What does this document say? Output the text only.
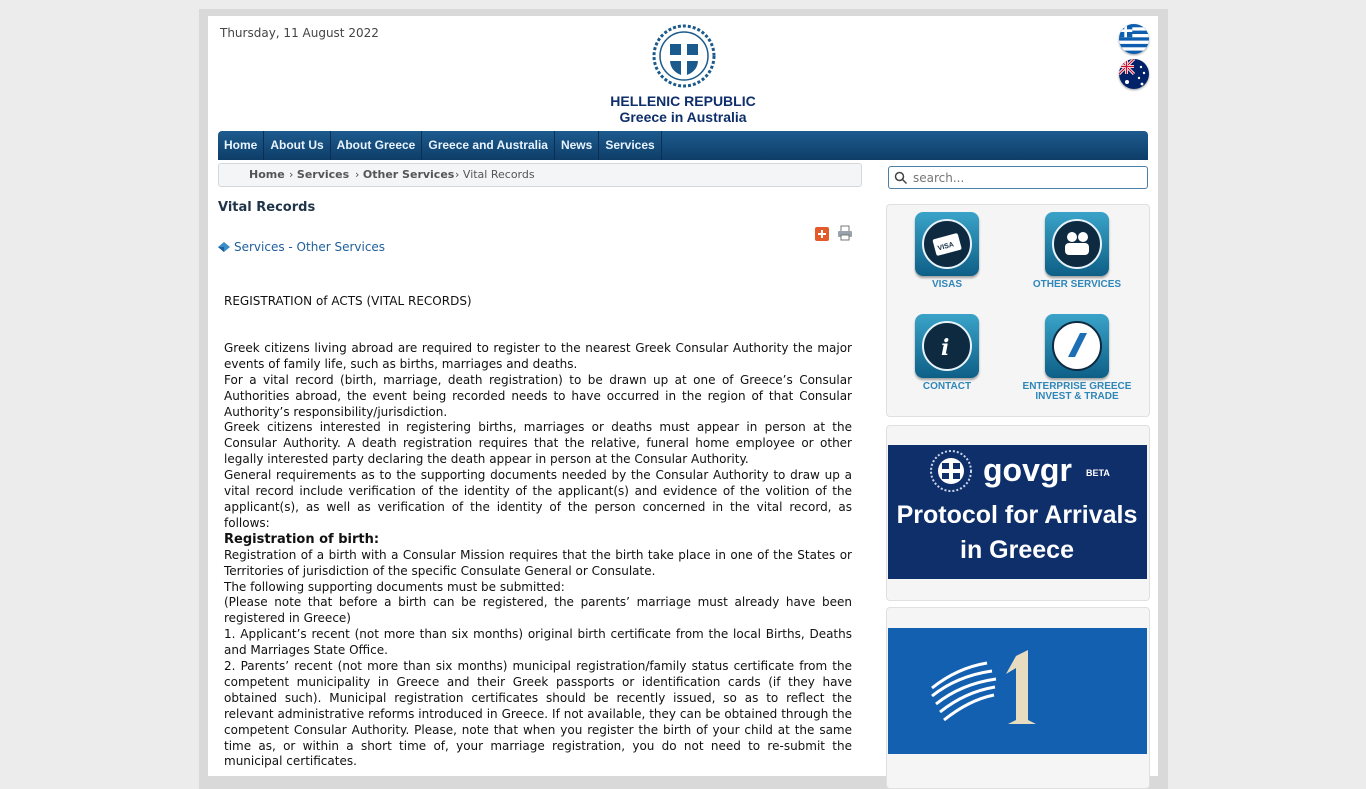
Thursday, 11 August 2022
HELLENIC REPUBLIC
Greece in Australia
Home	About Us	About Greece	Greece and Australia	News	Services
Home › Services › Other Services › Vital Records
Vital Records

Services - Other Services

REGISTRATION of ACTS (VITAL RECORDS)

Greek citizens living abroad are required to register to the nearest Greek Consular Authority the major events of family life, such as births, marriages and deaths.

For a vital record (birth, marriage, death registration) to be drawn up at one of Greece’s Consular Authorities abroad, the event being recorded needs to have occurred in the region of that Consular Authority’s responsibility/jurisdiction.

Greek citizens interested in registering births, marriages or deaths must appear in person at the Consular Authority. A death registration requires that the relative, funeral home employee or other legally interested party declaring the death appear in person at the Consular Authority.

General requirements as to the supporting documents needed by the Consular Authority to draw up a vital record include verification of the identity of the applicant(s) and evidence of the volition of the applicant(s), as well as verification of the identity of the person concerned in the vital record, as follows:

Registration of birth:

Registration of a birth with a Consular Mission requires that the birth take place in one of the States or Territories of jurisdiction of the specific Consulate General or Consulate.

The following supporting documents must be submitted:

(Please note that before a birth can be registered, the parents’ marriage must already have been registered in Greece)

1. Applicant’s recent (not more than six months) original birth certificate from the local Births, Deaths and Marriages State Office.

2. Parents’ recent (not more than six months) municipal registration/family status certificate from the competent municipality in Greece and their Greek passports or identification cards (if they have obtained such). Municipal registration certificates should be recently issued, so as to reflect the relevant administrative reforms introduced in Greece. If not available, they can be obtained through the competent Consular Authority. Please, note that when you register the birth of your child at the same time as, or within a short time of, your marriage registration, you do not need to re-submit the municipal certificates.

search...
VISA
VISAS	OTHER SERVICES
i
CONTACT	ENTERPRISE GREECE
INVEST & TRADE
govgr BETA
Protocol for Arrivals
in Greece
